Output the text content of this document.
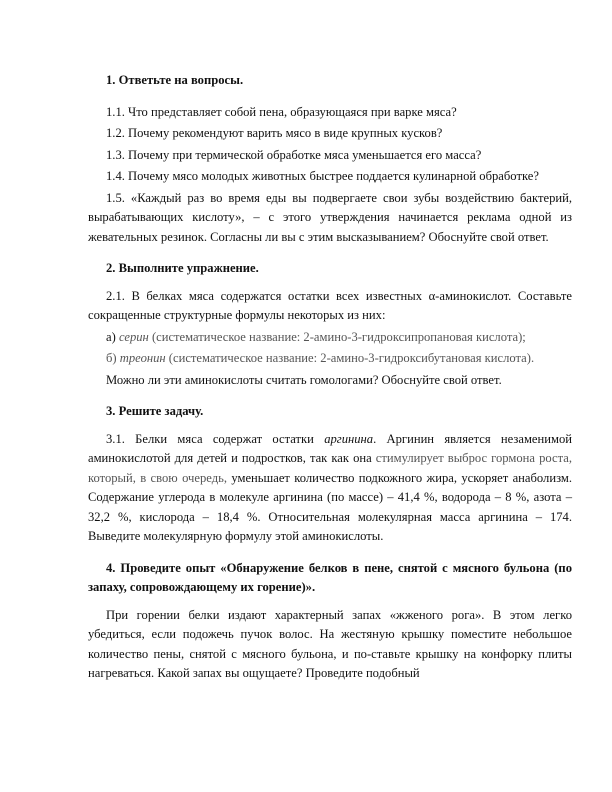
1. Ответьте на вопросы.
1.1. Что представляет собой пена, образующаяся при варке мяса?
1.2. Почему рекомендуют варить мясо в виде крупных кусков?
1.3. Почему при термической обработке мяса уменьшается его масса?
1.4. Почему мясо молодых животных быстрее поддается кулинарной обработке?
1.5. «Каждый раз во время еды вы подвергаете свои зубы воздействию бактерий, вырабатывающих кислоту», – с этого утверждения начинается реклама одной из жевательных резинок. Согласны ли вы с этим высказыванием? Обоснуйте свой ответ.
2. Выполните упражнение.
2.1. В белках мяса содержатся остатки всех известных α-аминокислот. Составьте сокращенные структурные формулы некоторых из них:
а) серин (систематическое название: 2-амино-3-гидроксипропановая кислота);
б) треонин (систематическое название: 2-амино-3-гидроксибутановая кислота).
Можно ли эти аминокислоты считать гомологами? Обоснуйте свой ответ.
3. Решите задачу.
3.1. Белки мяса содержат остатки аргинина. Аргинин является незаменимой аминокислотой для детей и подростков, так как она стимулирует выброс гормона роста, который, в свою очередь, уменьшает количество подкожного жира, ускоряет анаболизм. Содержание углерода в молекуле аргинина (по массе) – 41,4 %, водорода – 8 %, азота – 32,2 %, кислорода – 18,4 %. Относительная молекулярная масса аргинина – 174. Выведите молекулярную формулу этой аминокислоты.
4. Проведите опыт «Обнаружение белков в пене, снятой с мясного бульона (по запаху, сопровождающему их горение)».
При горении белки издают характерный запах «жженого рога». В этом легко убедиться, если подожечь пучок волос. На жестяную крышку поместите небольшое количество пены, снятой с мясного бульона, и по-ставьте крышку на конфорку плиты нагреваться. Какой запах вы ощущаете? Проведите подобный
